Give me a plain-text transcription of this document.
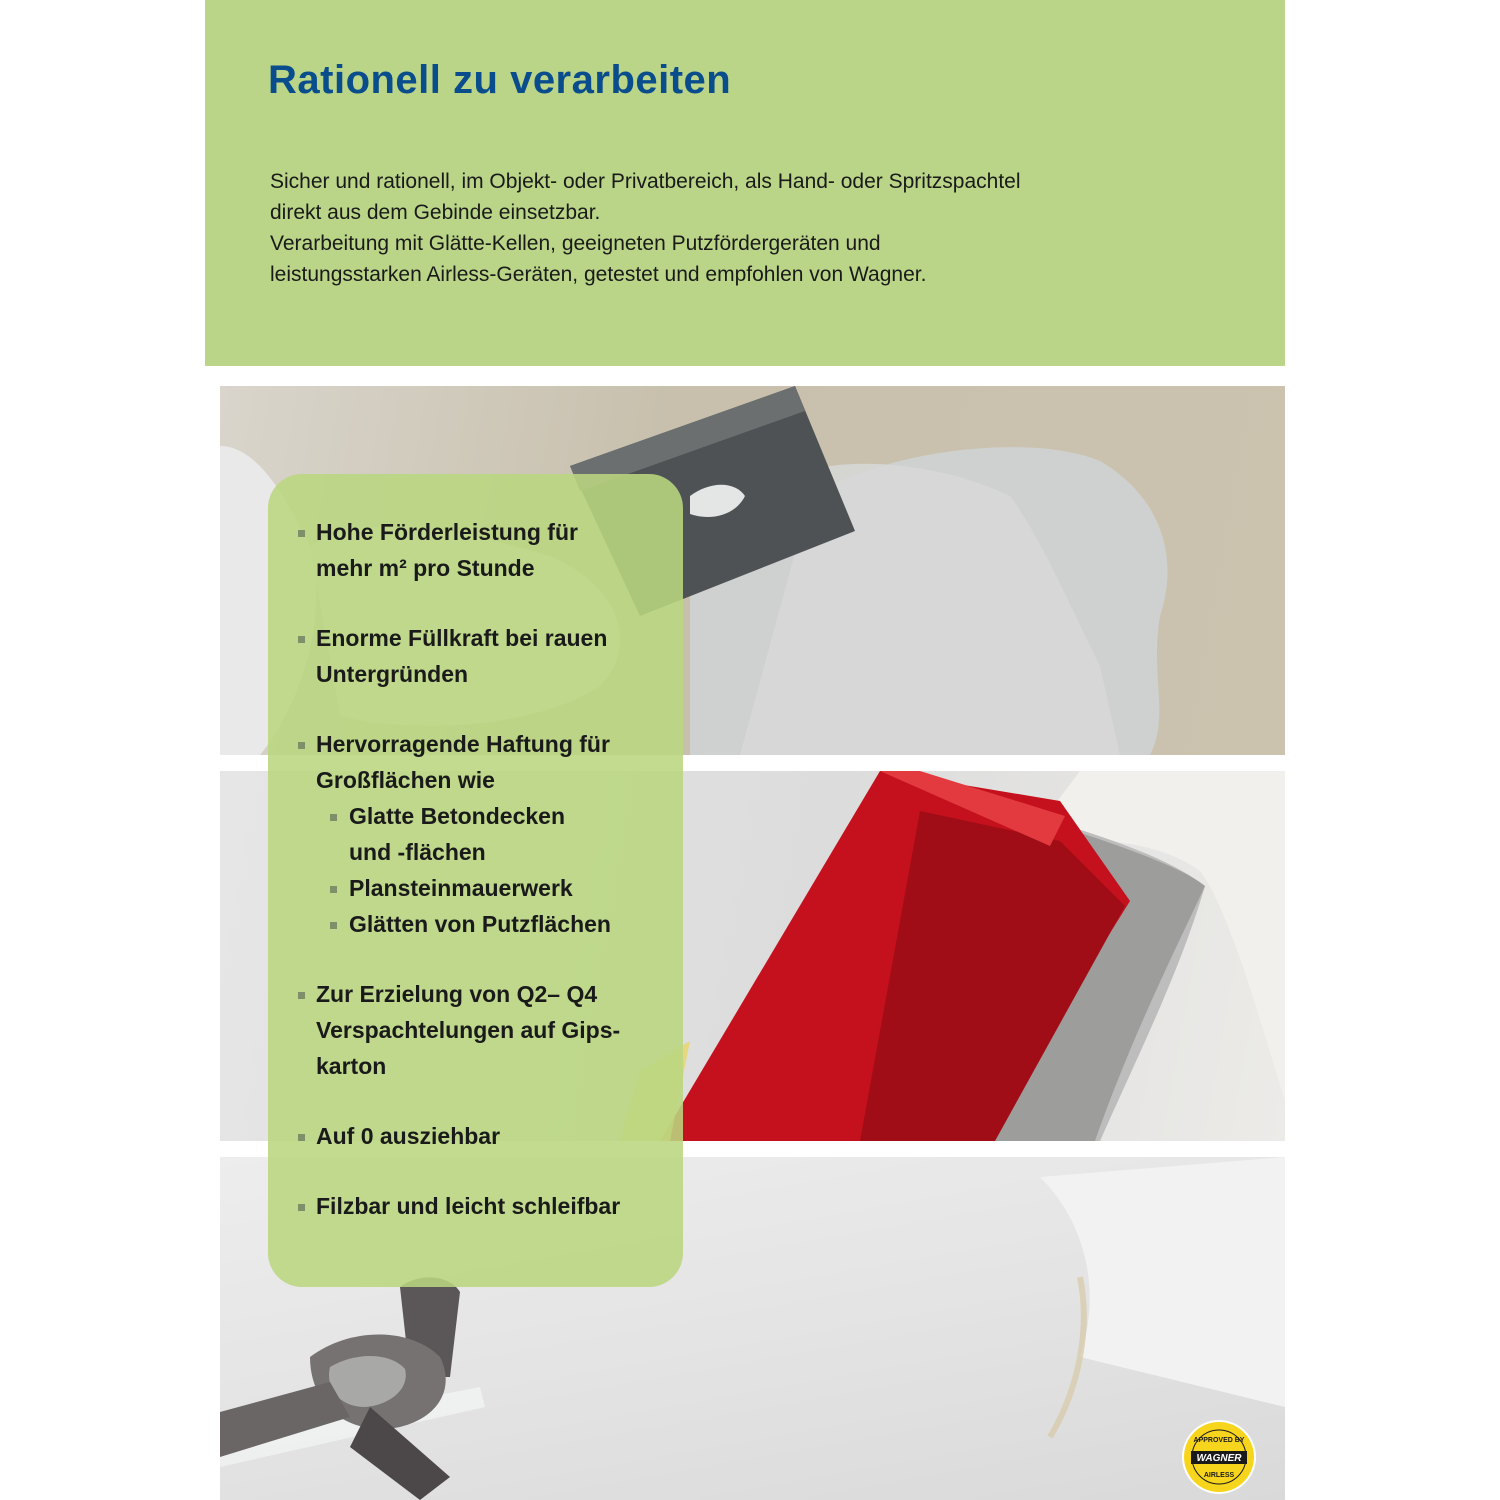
Rationell zu verarbeiten

Sicher und rationell, im Objekt- oder Privatbereich, als Hand- oder Spritzspachtel

direkt aus dem Gebinde einsetzbar.

Verarbeitung mit Glätte-Kellen, geeigneten Putzfördergeräten und

leistungsstarken Airless-Geräten, getestet und empfohlen von Wagner.

Hohe Förderleistung für
mehr m² pro Stunde
Enorme Füllkraft bei rauen
Untergründen
Hervorragende Haftung für
Großflächen wie
Glatte Betondecken
und -flächen
Plansteinmauerwerk
Glätten von Putzflächen
Zur Erzielung von Q2– Q4
Verspachtelungen auf Gips-
karton
Auf 0 ausziehbar
Filzbar und leicht schleifbar
APPROVED BY
WAGNER
AIRLESS
